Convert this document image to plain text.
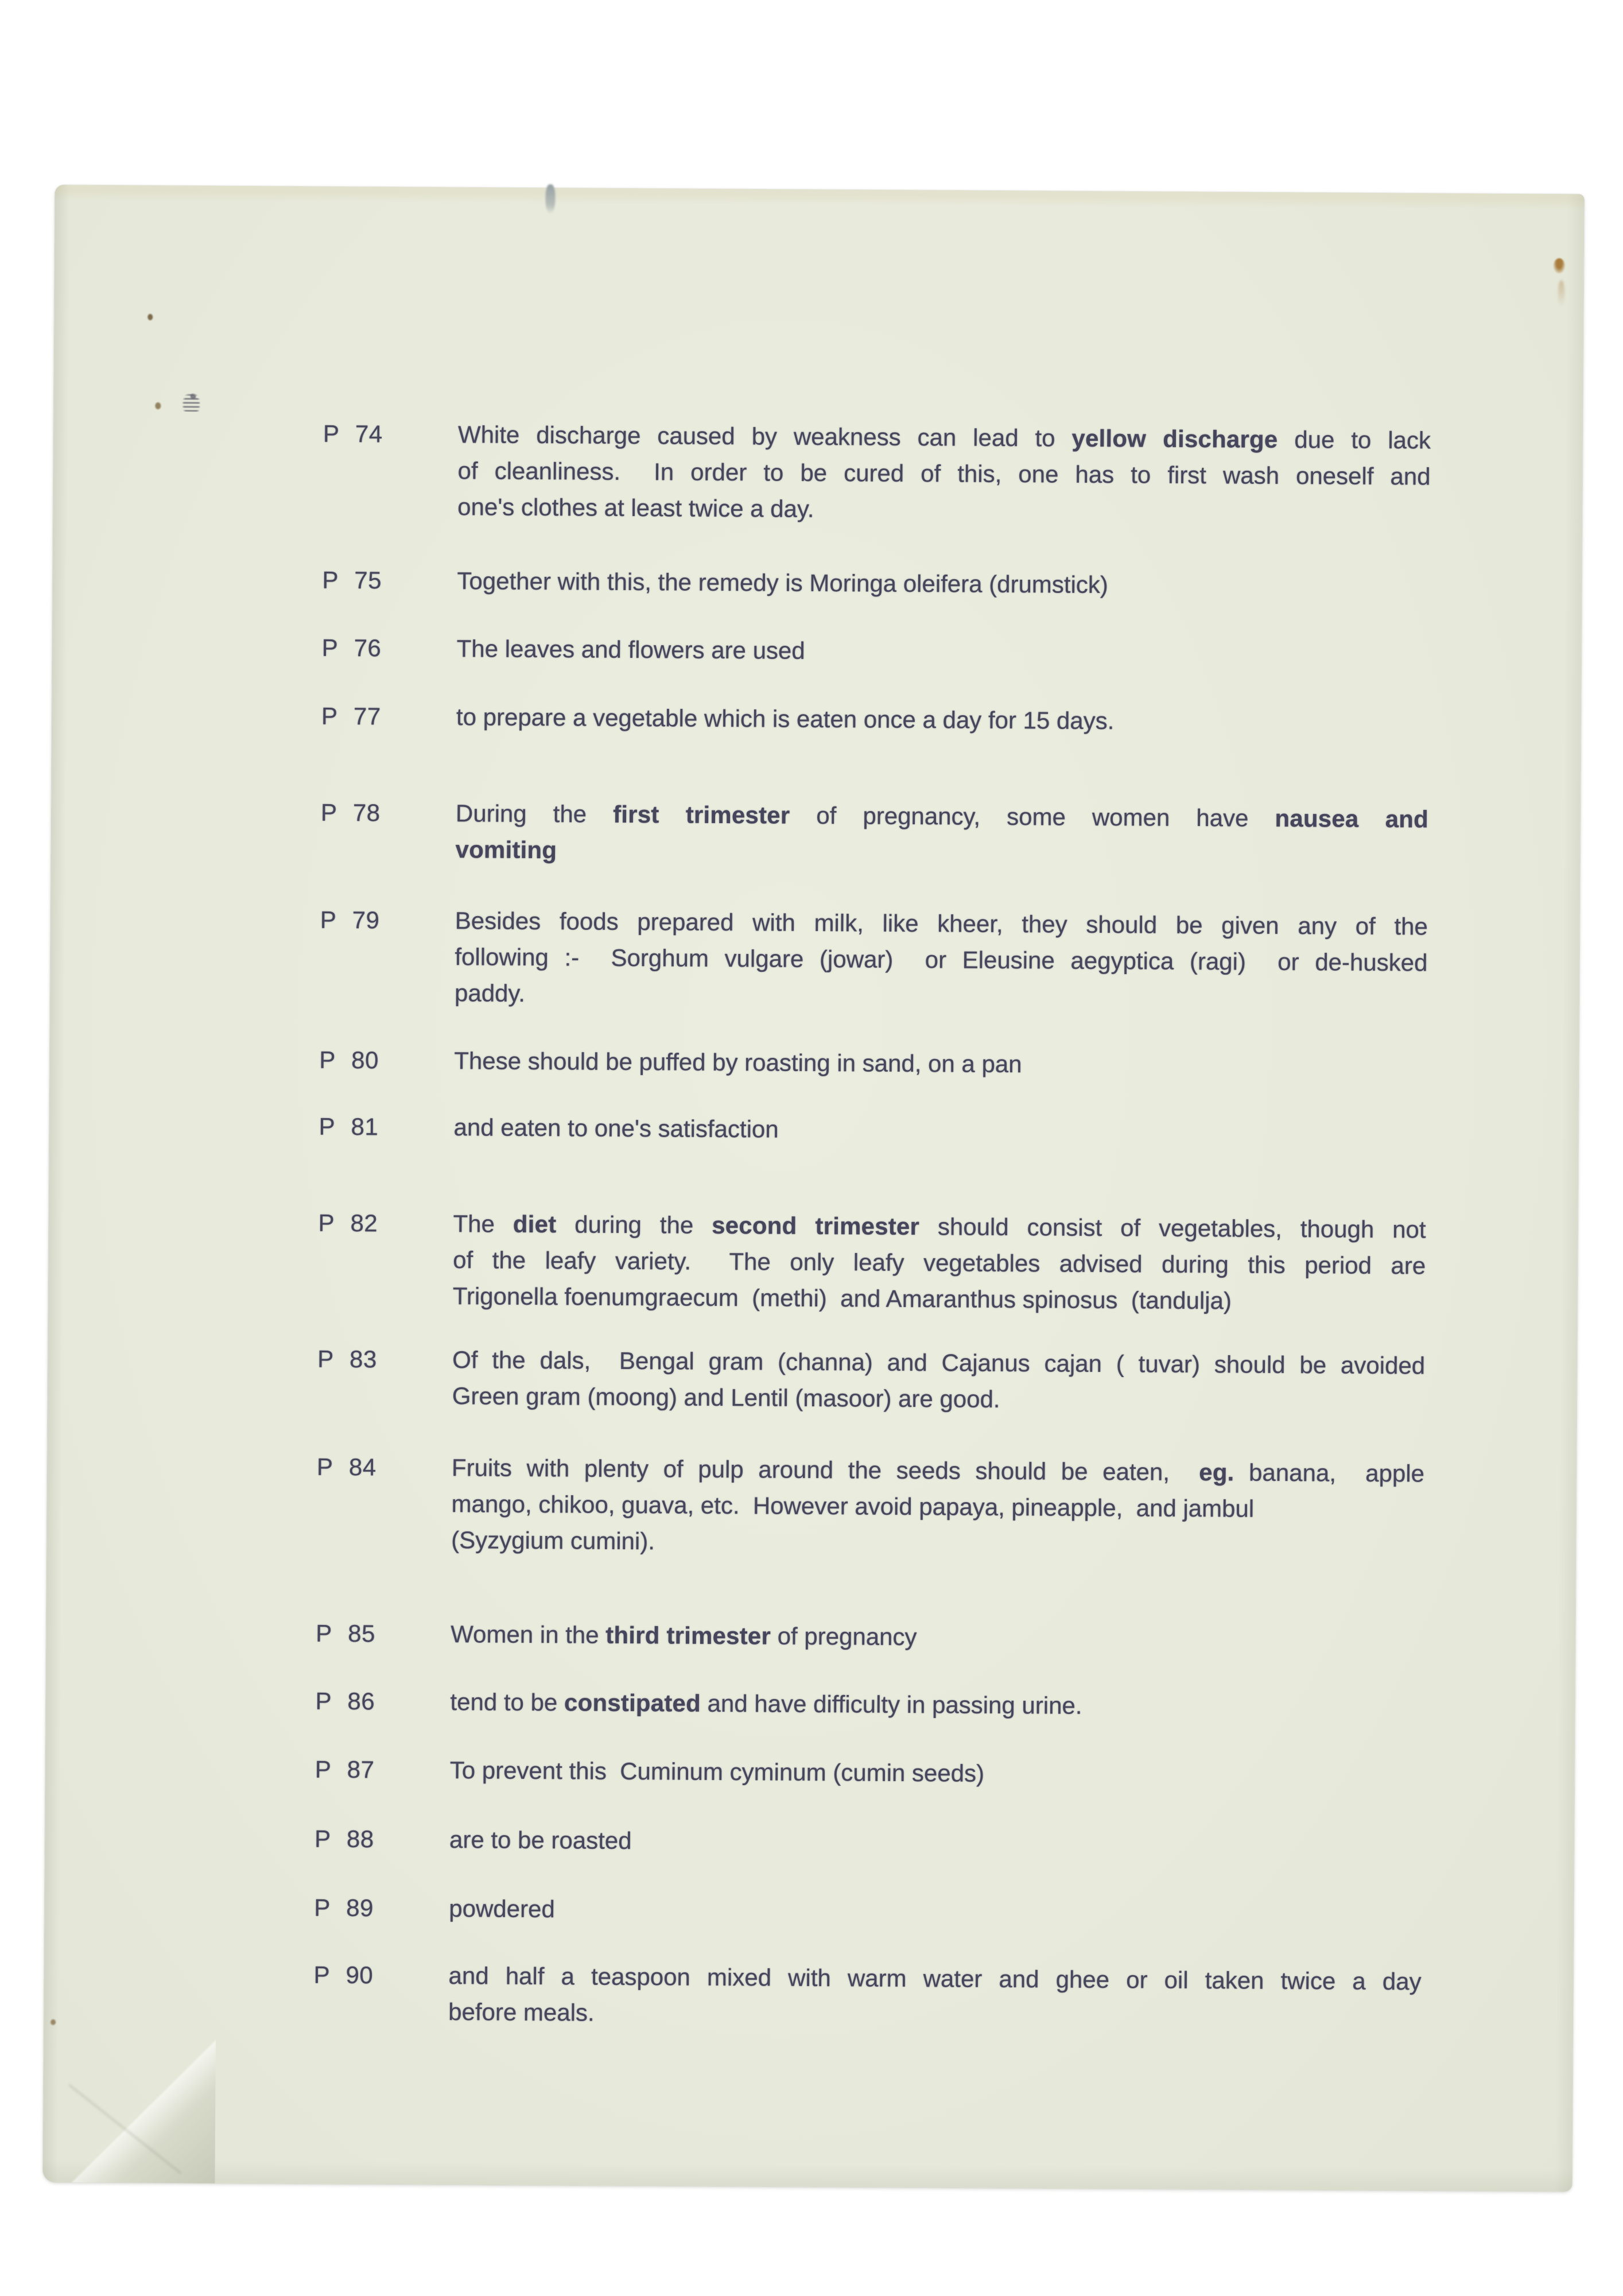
P 74	White discharge caused by weakness can lead to yellow discharge due to lack
of cleanliness.  In order to be cured of this, one has to first wash oneself and
one's clothes at least twice a day.
P 75	Together with this, the remedy is Moringa oleifera (drumstick)
P 76	The leaves and flowers are used
P 77	to prepare a vegetable which is eaten once a day for 15 days.
P 78	During the first trimester of pregnancy, some women have nausea and
vomiting
P 79	Besides foods prepared with milk, like kheer, they should be given any of the
following :-  Sorghum vulgare (jowar)  or Eleusine aegyptica (ragi)  or de-husked
paddy.
P 80	These should be puffed by roasting in sand, on a pan
P 81	and eaten to one's satisfaction
P 82	The diet during the second trimester should consist of vegetables, though not
of the leafy variety.  The only leafy vegetables advised during this period are
Trigonella foenumgraecum  (methi)  and Amaranthus spinosus  (tandulja)
P 83	Of the dals,  Bengal gram (channa) and Cajanus cajan ( tuvar) should be avoided
Green gram (moong) and Lentil (masoor) are good.
P 84	Fruits with plenty of pulp around the seeds should be eaten,  eg. banana,  apple
mango, chikoo, guava, etc.  However avoid papaya, pineapple,  and jambul
(Syzygium cumini).
P 85	Women in the third trimester of pregnancy
P 86	tend to be constipated and have difficulty in passing urine.
P 87	To prevent this  Cuminum cyminum (cumin seeds)
P 88	are to be roasted
P 89	powdered
P 90	and half a teaspoon mixed with warm water and ghee or oil taken twice a day
before meals.
